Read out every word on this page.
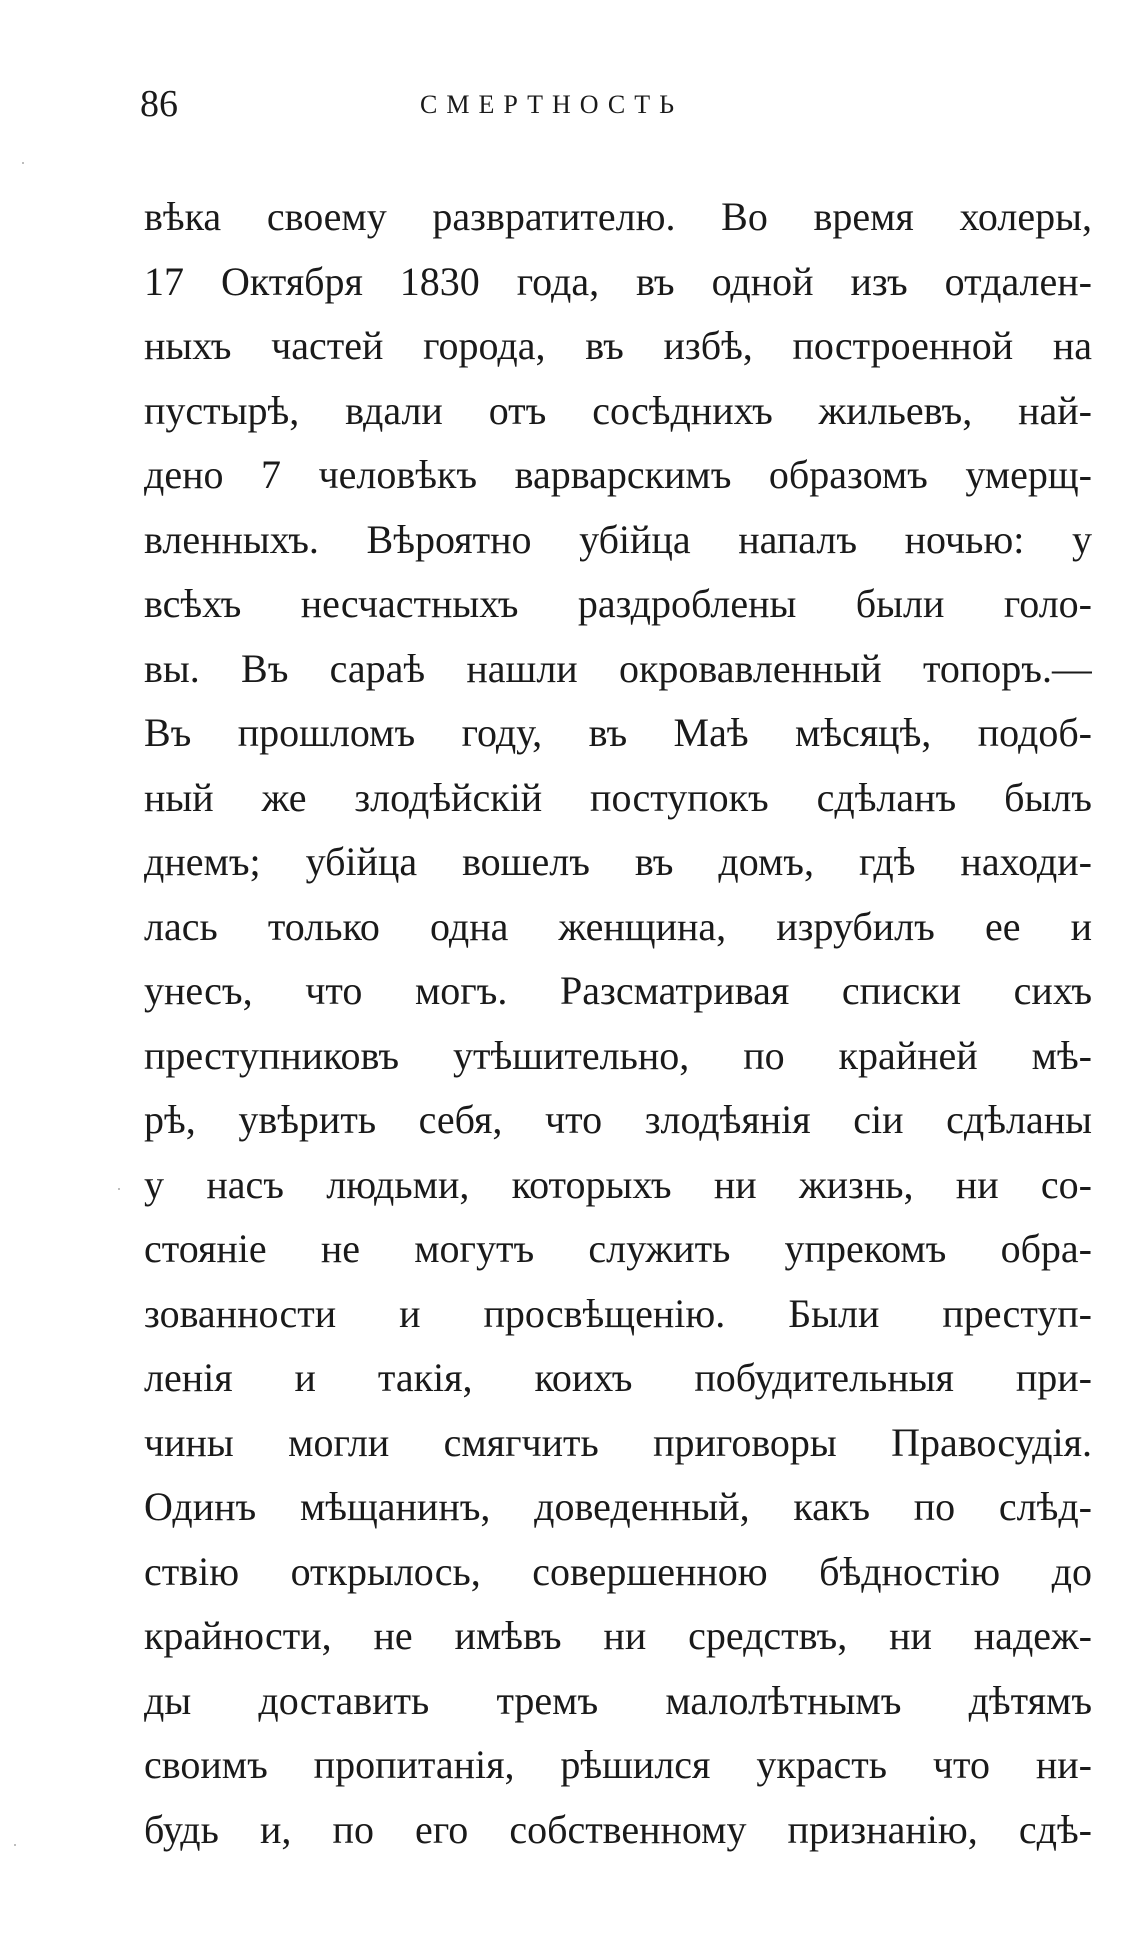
86	СМЕРТНОСТЬ
вѣка своему развратителю. Во время холеры,
17 Октября 1830 года, въ одной изъ отдален-
ныхъ частей города, въ избѣ, построенной на
пустырѣ, вдали отъ сосѣднихъ жильевъ, най-
дено 7 человѣкъ варварскимъ образомъ умерщ-
вленныхъ. Вѣроятно убійца напалъ ночью: у
всѣхъ несчастныхъ раздроблены были голо-
вы. Въ сараѣ нашли окровавленный топоръ.—
Въ прошломъ году, въ Маѣ мѣсяцѣ, подоб-
ный же злодѣйскій поступокъ сдѣланъ былъ
днемъ; убійца вошелъ въ домъ, гдѣ находи-
лась только одна женщина, изрубилъ ее и
унесъ, что могъ. Разсматривая списки сихъ
преступниковъ утѣшительно, по крайней мѣ-
рѣ, увѣрить себя, что злодѣянія сіи сдѣланы
у насъ людьми, которыхъ ни жизнь, ни со-
стояніе не могутъ служить упрекомъ обра-
зованности и просвѣщенію. Были преступ-
ленія и такія, коихъ побудительныя при-
чины могли смягчить приговоры Правосудія.
Одинъ мѣщанинъ, доведенный, какъ по слѣд-
ствію открылось, совершенною бѣдностію до
крайности, не имѣвъ ни средствъ, ни надеж-
ды доставить тремъ малолѣтнымъ дѣтямъ
своимъ пропитанія, рѣшился украсть что ни-
будь и, по его собственному признанію, сдѣ-
